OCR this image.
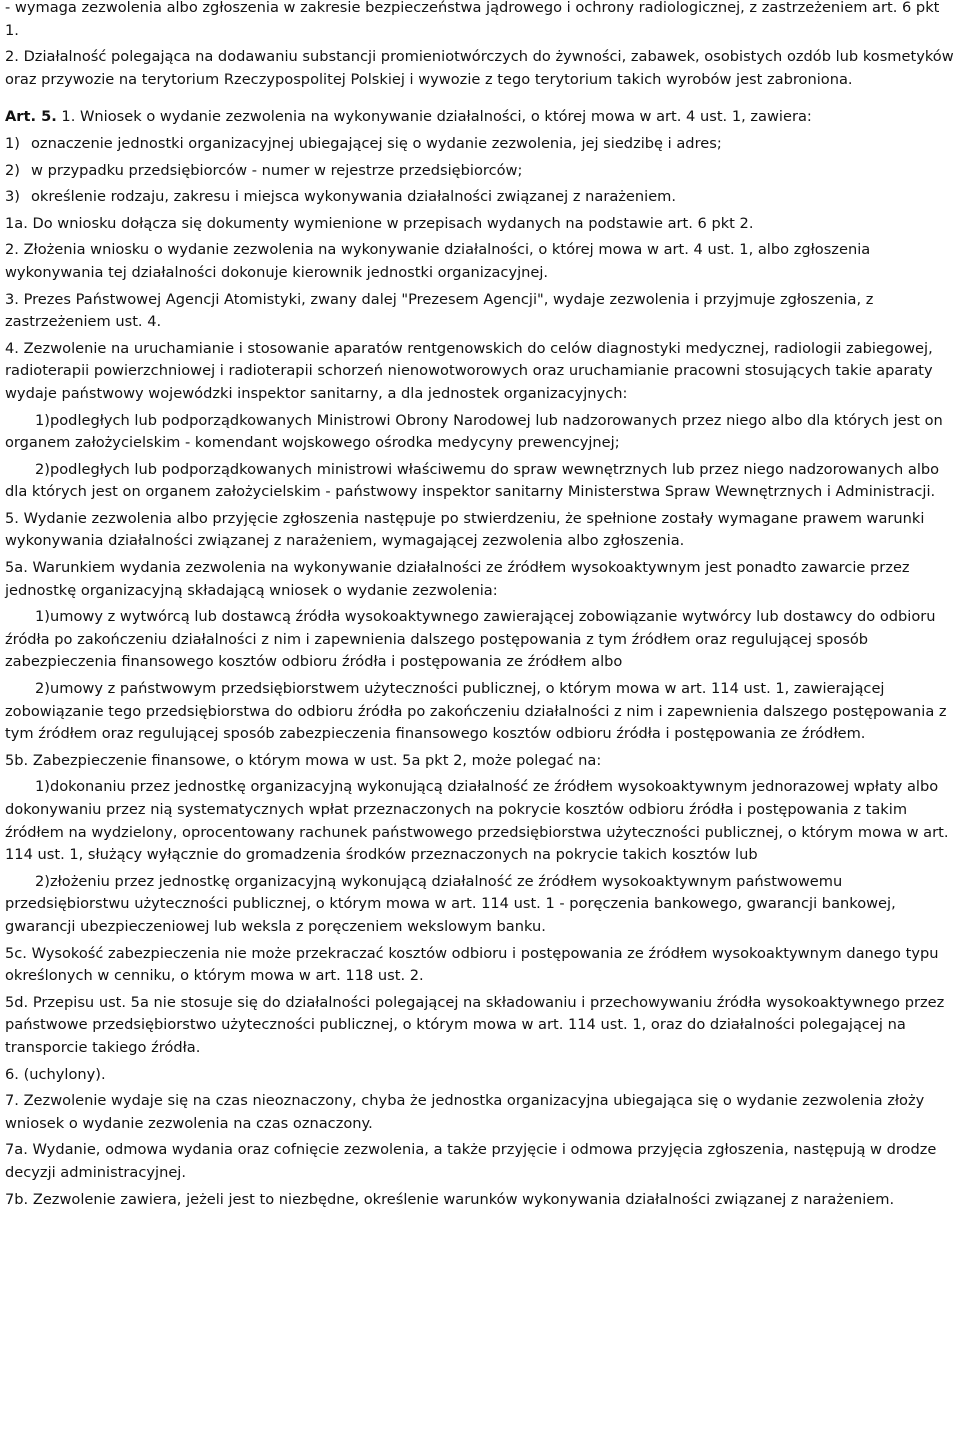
- wymaga zezwolenia albo zgłoszenia w zakresie bezpieczeństwa jądrowego i ochrony radiologicznej, z zastrzeżeniem art. 6 pkt 1.

2. Działalność polegająca na dodawaniu substancji promieniotwórczych do żywności, zabawek, osobistych ozdób lub kosmetyków oraz przywozie na terytorium Rzeczypospolitej Polskiej i wywozie z tego terytorium takich wyrobów jest zabroniona.

Art. 5. 1. Wniosek o wydanie zezwolenia na wykonywanie działalności, o której mowa w art. 4 ust. 1, zawiera:

1) oznaczenie jednostki organizacyjnej ubiegającej się o wydanie zezwolenia, jej siedzibę i adres;

2) w przypadku przedsiębiorców - numer w rejestrze przedsiębiorców;

3) określenie rodzaju, zakresu i miejsca wykonywania działalności związanej z narażeniem.

1a. Do wniosku dołącza się dokumenty wymienione w przepisach wydanych na podstawie art. 6 pkt 2.

2. Złożenia wniosku o wydanie zezwolenia na wykonywanie działalności, o której mowa w art. 4 ust. 1, albo zgłoszenia wykonywania tej działalności dokonuje kierownik jednostki organizacyjnej.

3. Prezes Państwowej Agencji Atomistyki, zwany dalej "Prezesem Agencji", wydaje zezwolenia i przyjmuje zgłoszenia, z zastrzeżeniem ust. 4.

4. Zezwolenie na uruchamianie i stosowanie aparatów rentgenowskich do celów diagnostyki medycznej, radiologii zabiegowej, radioterapii powierzchniowej i radioterapii schorzeń nienowotworowych oraz uruchamianie pracowni stosujących takie aparaty wydaje państwowy wojewódzki inspektor sanitarny, a dla jednostek organizacyjnych:

1)podległych lub podporządkowanych Ministrowi Obrony Narodowej lub nadzorowanych przez niego albo dla których jest on organem założycielskim - komendant wojskowego ośrodka medycyny prewencyjnej;

2)podległych lub podporządkowanych ministrowi właściwemu do spraw wewnętrznych lub przez niego nadzorowanych albo dla których jest on organem założycielskim - państwowy inspektor sanitarny Ministerstwa Spraw Wewnętrznych i Administracji.

5. Wydanie zezwolenia albo przyjęcie zgłoszenia następuje po stwierdzeniu, że spełnione zostały wymagane prawem warunki wykonywania działalności związanej z narażeniem, wymagającej zezwolenia albo zgłoszenia.

5a. Warunkiem wydania zezwolenia na wykonywanie działalności ze źródłem wysokoaktywnym jest ponadto zawarcie przez jednostkę organizacyjną składającą wniosek o wydanie zezwolenia:

1)umowy z wytwórcą lub dostawcą źródła wysokoaktywnego zawierającej zobowiązanie wytwórcy lub dostawcy do odbioru źródła po zakończeniu działalności z nim i zapewnienia dalszego postępowania z tym źródłem oraz regulującej sposób zabezpieczenia finansowego kosztów odbioru źródła i postępowania ze źródłem albo

2)umowy z państwowym przedsiębiorstwem użyteczności publicznej, o którym mowa w art. 114 ust. 1, zawierającej zobowiązanie tego przedsiębiorstwa do odbioru źródła po zakończeniu działalności z nim i zapewnienia dalszego postępowania z tym źródłem oraz regulującej sposób zabezpieczenia finansowego kosztów odbioru źródła i postępowania ze źródłem.

5b. Zabezpieczenie finansowe, o którym mowa w ust. 5a pkt 2, może polegać na:

1)dokonaniu przez jednostkę organizacyjną wykonującą działalność ze źródłem wysokoaktywnym jednorazowej wpłaty albo dokonywaniu przez nią systematycznych wpłat przeznaczonych na pokrycie kosztów odbioru źródła i postępowania z takim źródłem na wydzielony, oprocentowany rachunek państwowego przedsiębiorstwa użyteczności publicznej, o którym mowa w art. 114 ust. 1, służący wyłącznie do gromadzenia środków przeznaczonych na pokrycie takich kosztów lub

2)złożeniu przez jednostkę organizacyjną wykonującą działalność ze źródłem wysokoaktywnym państwowemu przedsiębiorstwu użyteczności publicznej, o którym mowa w art. 114 ust. 1 - poręczenia bankowego, gwarancji bankowej, gwarancji ubezpieczeniowej lub weksla z poręczeniem wekslowym banku.

5c. Wysokość zabezpieczenia nie może przekraczać kosztów odbioru i postępowania ze źródłem wysokoaktywnym danego typu określonych w cenniku, o którym mowa w art. 118 ust. 2.

5d. Przepisu ust. 5a nie stosuje się do działalności polegającej na składowaniu i przechowywaniu źródła wysokoaktywnego przez państwowe przedsiębiorstwo użyteczności publicznej, o którym mowa w art. 114 ust. 1, oraz do działalności polegającej na transporcie takiego źródła.

6. (uchylony).

7. Zezwolenie wydaje się na czas nieoznaczony, chyba że jednostka organizacyjna ubiegająca się o wydanie zezwolenia złoży wniosek o wydanie zezwolenia na czas oznaczony.

7a. Wydanie, odmowa wydania oraz cofnięcie zezwolenia, a także przyjęcie i odmowa przyjęcia zgłoszenia, następują w drodze decyzji administracyjnej.

7b. Zezwolenie zawiera, jeżeli jest to niezbędne, określenie warunków wykonywania działalności związanej z narażeniem.
